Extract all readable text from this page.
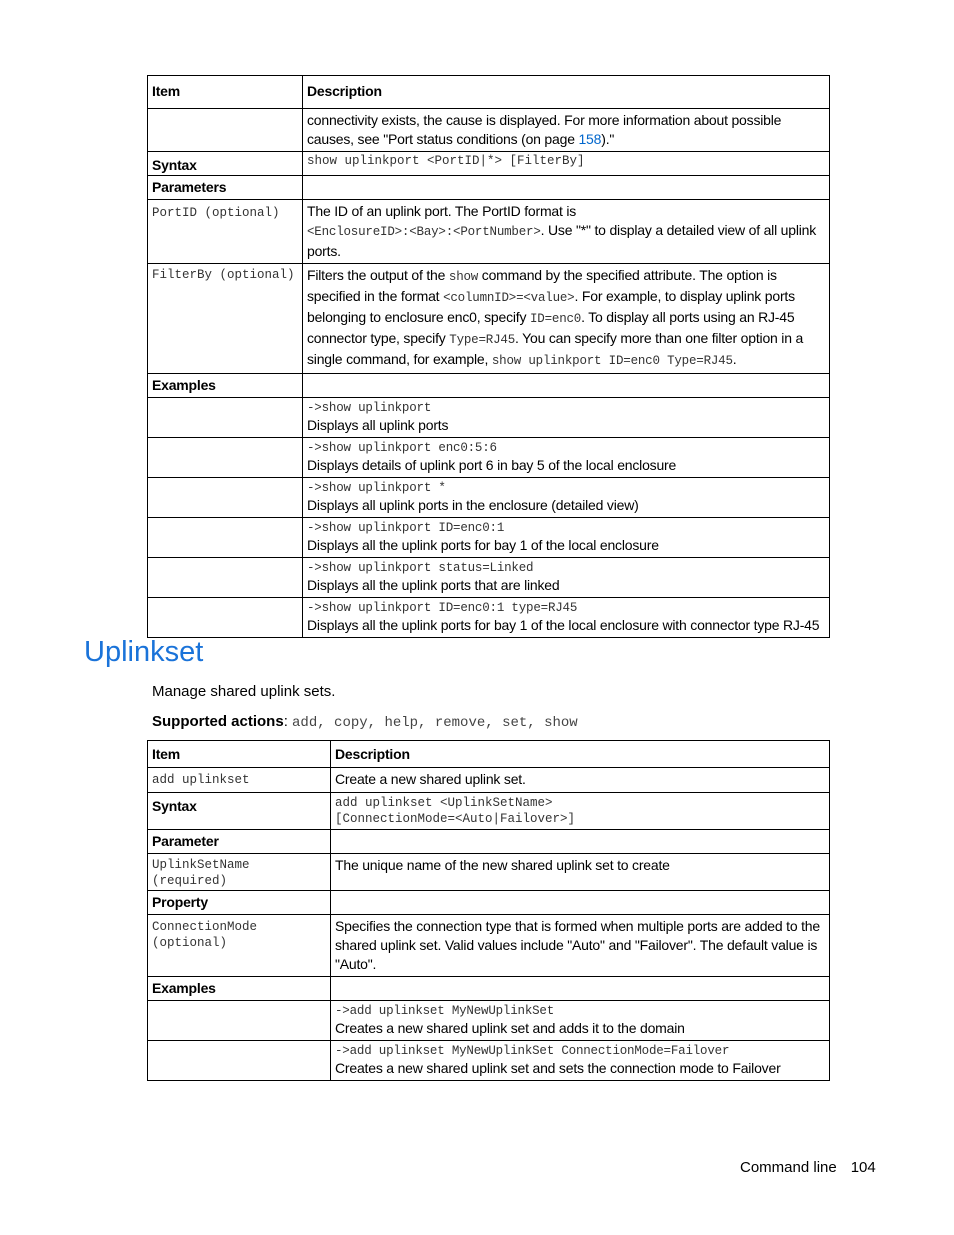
Item	Description
	connectivity exists, the cause is displayed. For more information about possible causes, see "Port status conditions (on page 158)."
Syntax	show uplinkport <PortID|*> [FilterBy]
Parameters	
PortID (optional)	The ID of an uplink port. The PortID format is
<EnclosureID>:<Bay>:<PortNumber>. Use "*" to display a detailed view of all uplink ports.
FilterBy (optional)	Filters the output of the show command by the specified attribute. The option is specified in the format <columnID>=<value>. For example, to display uplink ports belonging to enclosure enc0, specify ID=enc0. To display all ports using an RJ-45 connector type, specify Type=RJ45. You can specify more than one filter option in a single command, for example, show uplinkport ID=enc0 Type=RJ45.
Examples	

	->show uplinkport
Displays all uplink ports

	->show uplinkport enc0:5:6
Displays details of uplink port 6 in bay 5 of the local enclosure

	->show uplinkport *
Displays all uplink ports in the enclosure (detailed view)

	->show uplinkport ID=enc0:1
Displays all the uplink ports for bay 1 of the local enclosure

	->show uplinkport status=Linked
Displays all the uplink ports that are linked

	->show uplinkport ID=enc0:1 type=RJ45
Displays all the uplink ports for bay 1 of the local enclosure with connector type RJ-45
Uplinkset
Manage shared uplink sets.
Supported actions: add, copy, help, remove, set, show
Item	Description
add uplinkset	Create a new shared uplink set.
Syntax	add uplinkset <UplinkSetName>
[ConnectionMode=<Auto|Failover>]
Parameter	
UplinkSetName
(required)	The unique name of the new shared uplink set to create
Property	
ConnectionMode
(optional)	Specifies the connection type that is formed when multiple ports are added to the shared uplink set. Valid values include "Auto" and "Failover". The default value is "Auto".
Examples	

	->add uplinkset MyNewUplinkSet
Creates a new shared uplink set and adds it to the domain

	->add uplinkset MyNewUplinkSet ConnectionMode=Failover
Creates a new shared uplink set and sets the connection mode to Failover
Command line 104
